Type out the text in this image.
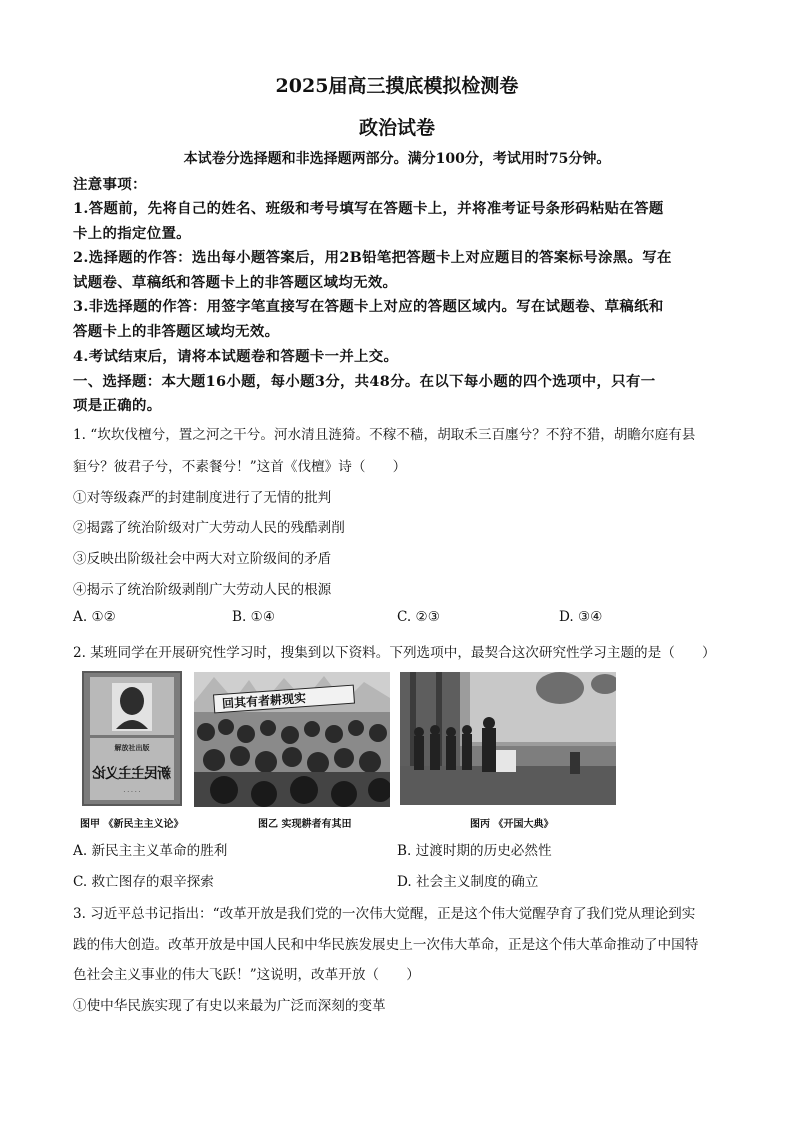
2025届高三摸底模拟检测卷
政治试卷
本试卷分选择题和非选择题两部分。满分100分，考试用时75分钟。
注意事项：
1.答题前，先将自己的姓名、班级和考号填写在答题卡上，并将准考证号条形码粘贴在答题
卡上的指定位置。
2.选择题的作答：选出每小题答案后，用2B铅笔把答题卡上对应题目的答案标号涂黑。写在
试题卷、草稿纸和答题卡上的非答题区域均无效。
3.非选择题的作答：用签字笔直接写在答题卡上对应的答题区域内。写在试题卷、草稿纸和
答题卡上的非答题区域均无效。
4.考试结束后，请将本试题卷和答题卡一并上交。
一、选择题：本大题16小题，每小题3分，共48分。在以下每小题的四个选项中，只有一
项是正确的。
1. “坎坎伐檀兮，置之河之干兮。河水清且涟猗。不稼不穑，胡取禾三百廛兮？不狩不猎，胡瞻尔庭有县
貆兮？彼君子兮，不素餐兮！”这首《伐檀》诗（　　）
①对等级森严的封建制度进行了无情的批判
②揭露了统治阶级对广大劳动人民的残酷剥削
③反映出阶级社会中两大对立阶级间的矛盾
④揭示了统治阶级剥削广大劳动人民的根源
A. ①②	B. ①④	C. ②③	D. ③④
2. 某班同学在开展研究性学习时，搜集到以下资料。下列选项中，最契合这次研究性学习主题的是（　　）
解放社出版
新民主主义论
· · · · ·
回其有者耕现实
图甲 《新民主主义论》	图乙 实现耕者有其田	图丙 《开国大典》
A. 新民主主义革命的胜利	B. 过渡时期的历史必然性
C. 救亡图存的艰辛探索	D. 社会主义制度的确立
3. 习近平总书记指出：“改革开放是我们党的一次伟大觉醒，正是这个伟大觉醒孕育了我们党从理论到实
践的伟大创造。改革开放是中国人民和中华民族发展史上一次伟大革命，正是这个伟大革命推动了中国特
色社会主义事业的伟大飞跃！”这说明，改革开放（　　）
①使中华民族实现了有史以来最为广泛而深刻的变革
